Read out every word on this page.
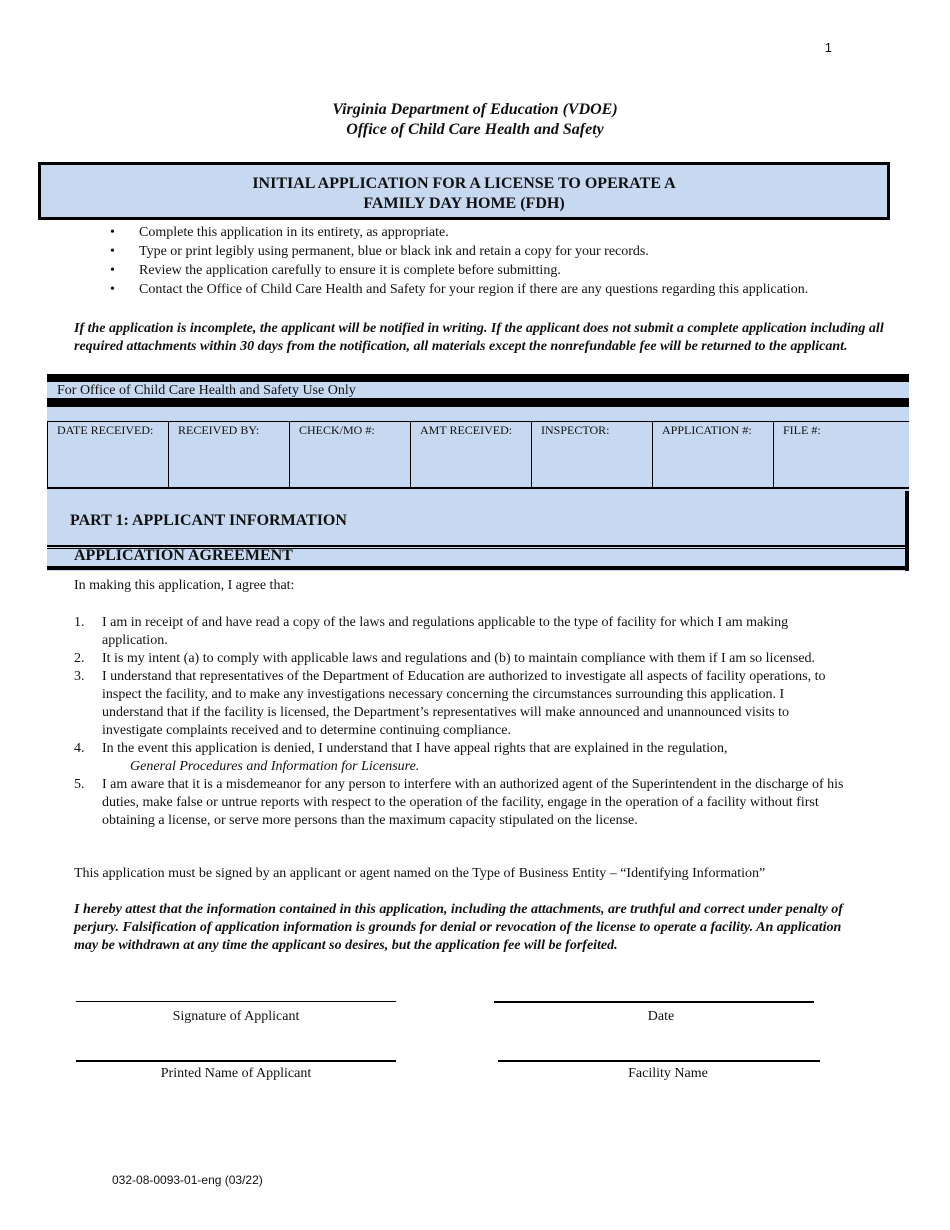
1
Virginia Department of Education (VDOE)
Office of Child Care Health and Safety
INITIAL APPLICATION FOR A LICENSE TO OPERATE A
FAMILY DAY HOME (FDH)
• Complete this application in its entirety, as appropriate.
• Type or print legibly using permanent, blue or black ink and retain a copy for your records.
• Review the application carefully to ensure it is complete before submitting.
• Contact the Office of Child Care Health and Safety for your region if there are any questions regarding this application.
If the application is incomplete, the applicant will be notified in writing. If the applicant does not submit a complete application including all required attachments within 30 days from the notification, all materials except the nonrefundable fee will be returned to the applicant.
For Office of Child Care Health and Safety Use Only
DATE RECEIVED:	RECEIVED BY:	CHECK/MO #:	AMT RECEIVED:	INSPECTOR:	APPLICATION #:	FILE #:
PART 1: APPLICANT INFORMATION
APPLICATION AGREEMENT
In making this application, I agree that:
1. I am in receipt of and have read a copy of the laws and regulations applicable to the type of facility for which I am making application.
2. It is my intent (a) to comply with applicable laws and regulations and (b) to maintain compliance with them if I am so licensed.
3. I understand that representatives of the Department of Education are authorized to investigate all aspects of facility operations, to inspect the facility, and to make any investigations necessary concerning the circumstances surrounding this application. I understand that if the facility is licensed, the Department’s representatives will make announced and unannounced visits to investigate complaints received and to determine continuing compliance.
4. In the event this application is denied, I understand that I have appeal rights that are explained in the regulation,
General Procedures and Information for Licensure.
5. I am aware that it is a misdemeanor for any person to interfere with an authorized agent of the Superintendent in the discharge of his duties, make false or untrue reports with respect to the operation of the facility, engage in the operation of a facility without first obtaining a license, or serve more persons than the maximum capacity stipulated on the license.
This application must be signed by an applicant or agent named on the Type of Business Entity – “Identifying Information”
I hereby attest that the information contained in this application, including the attachments, are truthful and correct under penalty of perjury. Falsification of application information is grounds for denial or revocation of the license to operate a facility. An application may be withdrawn at any time the applicant so desires, but the application fee will be forfeited.
Signature of Applicant	Date
Printed Name of Applicant	Facility Name
032-08-0093-01-eng (03/22)
